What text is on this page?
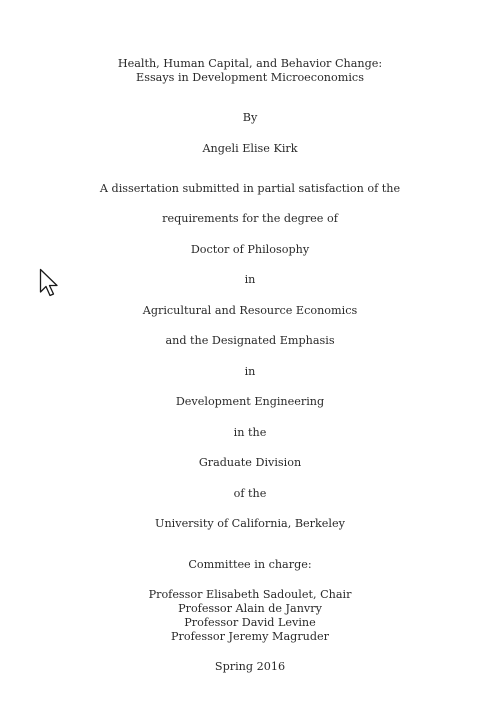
Health, Human Capital, and Behavior Change:
Essays in Development Microeconomics
By
Angeli Elise Kirk
A dissertation submitted in partial satisfaction of the
requirements for the degree of
Doctor of Philosophy
in
Agricultural and Resource Economics
and the Designated Emphasis
in
Development Engineering
in the
Graduate Division
of the
University of California, Berkeley
Committee in charge:
Professor Elisabeth Sadoulet, Chair
Professor Alain de Janvry
Professor David Levine
Professor Jeremy Magruder
Spring 2016
